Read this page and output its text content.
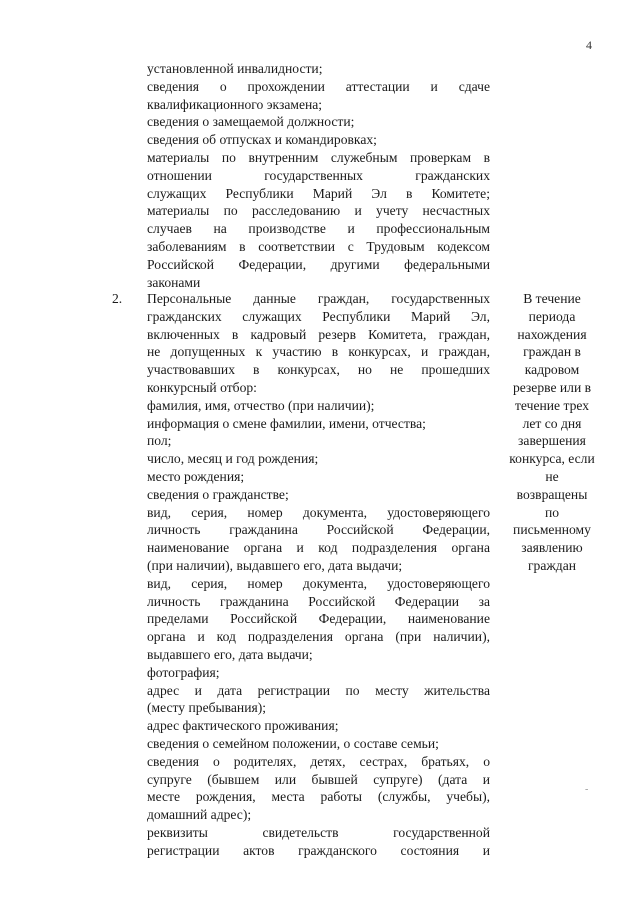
4
установленной инвалидности;
сведения о прохождении аттестации и сдаче
квалификационного экзамена;
сведения о замещаемой должности;
сведения об отпусках и командировках;
материалы по внутренним служебным проверкам в
отношении государственных гражданских
служащих Республики Марий Эл в Комитете;
материалы по расследованию и учету несчастных
случаев на производстве и профессиональным
заболеваниям в соответствии с Трудовым кодексом
Российской Федерации, другими федеральными
законами
2. Персональные данные граждан, государственных
гражданских служащих Республики Марий Эл,
включенных в кадровый резерв Комитета, граждан,
не допущенных к участию в конкурсах, и граждан,
участвовавших в конкурсах, но не прошедших
конкурсный отбор:
фамилия, имя, отчество (при наличии);
информация о смене фамилии, имени, отчества;
пол;
число, месяц и год рождения;
место рождения;
сведения о гражданстве;
вид, серия, номер документа, удостоверяющего
личность гражданина Российской Федерации,
наименование органа и код подразделения органа
(при наличии), выдавшего его, дата выдачи;
вид, серия, номер документа, удостоверяющего
личность гражданина Российской Федерации за
пределами Российской Федерации, наименование
органа и код подразделения органа (при наличии),
выдавшего его, дата выдачи;
фотография;
адрес и дата регистрации по месту жительства
(месту пребывания);
адрес фактического проживания;
сведения о семейном положении, о составе семьи;
сведения о родителях, детях, сестрах, братьях, о
супруге (бывшем или бывшей супруге) (дата и
месте рождения, места работы (службы, учебы),
домашний адрес);
реквизиты свидетельств государственной
регистрации актов гражданского состояния и
В течение
периода
нахождения
граждан в
кадровом
резерве или в
течение трех
лет со дня
завершения
конкурса, если
не
возвращены
по
письменному
заявлению
граждан
-
